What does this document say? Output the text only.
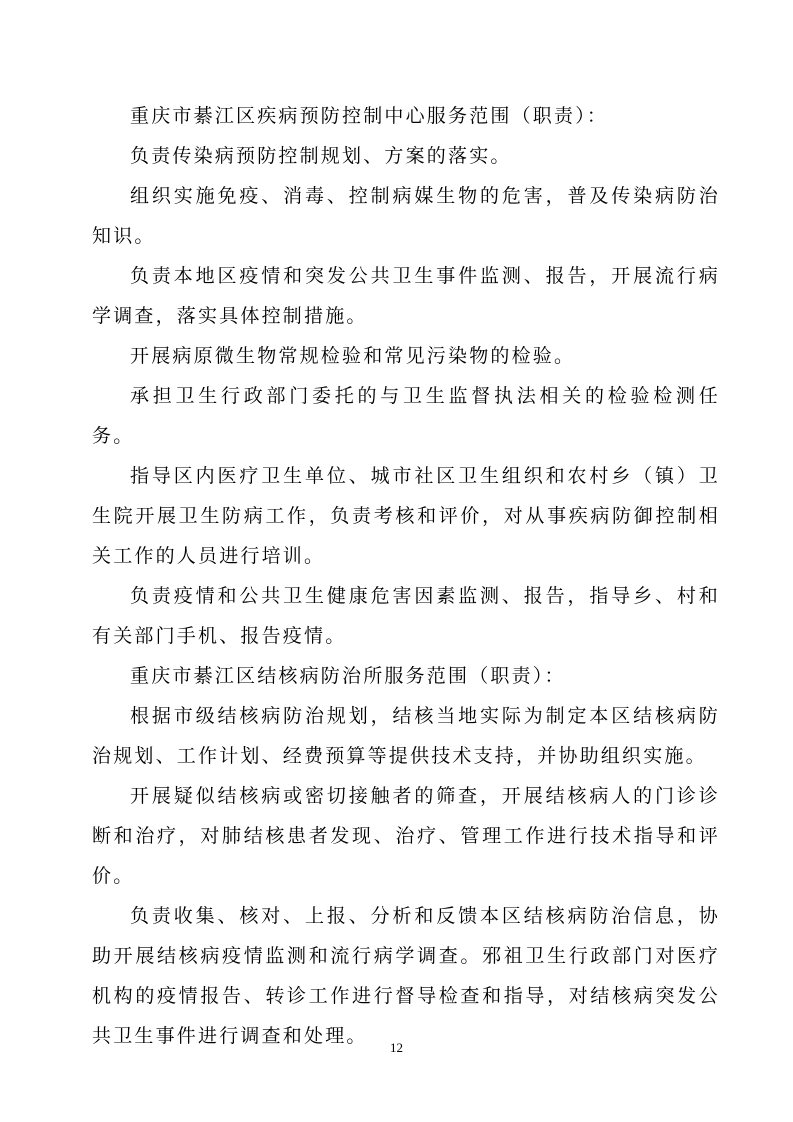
重庆市綦江区疾病预防控制中心服务范围（职责）：

负责传染病预防控制规划、方案的落实。

组织实施免疫、消毒、控制病媒生物的危害，普及传染病防治知识。

负责本地区疫情和突发公共卫生事件监测、报告，开展流行病学调查，落实具体控制措施。

开展病原微生物常规检验和常见污染物的检验。

承担卫生行政部门委托的与卫生监督执法相关的检验检测任务。

指导区内医疗卫生单位、城市社区卫生组织和农村乡（镇）卫生院开展卫生防病工作，负责考核和评价，对从事疾病防御控制相关工作的人员进行培训。

负责疫情和公共卫生健康危害因素监测、报告，指导乡、村和有关部门手机、报告疫情。

重庆市綦江区结核病防治所服务范围（职责）：

根据市级结核病防治规划，结核当地实际为制定本区结核病防治规划、工作计划、经费预算等提供技术支持，并协助组织实施。

开展疑似结核病或密切接触者的筛查，开展结核病人的门诊诊断和治疗，对肺结核患者发现、治疗、管理工作进行技术指导和评价。

负责收集、核对、上报、分析和反馈本区结核病防治信息，协助开展结核病疫情监测和流行病学调查。邪祖卫生行政部门对医疗机构的疫情报告、转诊工作进行督导检查和指导，对结核病突发公共卫生事件进行调查和处理。

12
